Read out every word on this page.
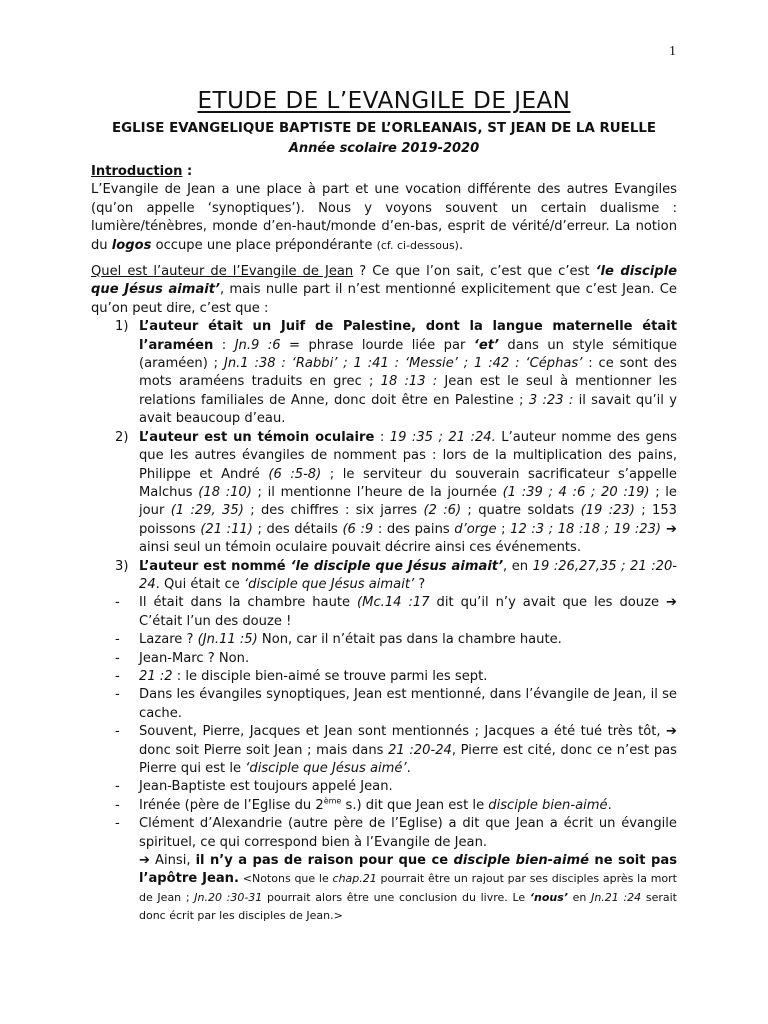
1
ETUDE DE L’EVANGILE DE JEAN
EGLISE EVANGELIQUE BAPTISTE DE L’ORLEANAIS, ST JEAN DE LA RUELLE
Année scolaire 2019-2020

Introduction :

L’Evangile de Jean a une place à part et une vocation différente des autres Evangiles (qu’on appelle ‘synoptiques’). Nous y voyons souvent un certain dualisme : lumière/ténèbres, monde d’en-haut/monde d’en-bas, esprit de vérité/d’erreur. La notion du logos occupe une place prépondérante (cf. ci-dessous).

Quel est l’auteur de l’Evangile de Jean ? Ce que l’on sait, c’est que c’est ‘le disciple que Jésus aimait’, mais nulle part il n’est mentionné explicitement que c’est Jean. Ce qu’on peut dire, c’est que :

1) L’auteur était un Juif de Palestine, dont la langue maternelle était l’araméen : Jn.9 :6 = phrase lourde liée par ‘et’ dans un style sémitique (araméen) ; Jn.1 :38 : ‘Rabbi’ ; 1 :41 : ‘Messie’ ; 1 :42 : ‘Céphas’ : ce sont des mots araméens traduits en grec ; 18 :13 : Jean est le seul à mentionner les relations familiales de Anne, donc doit être en Palestine ; 3 :23 : il savait qu’il y avait beaucoup d’eau.
2) L’auteur est un témoin oculaire : 19 :35 ; 21 :24. L’auteur nomme des gens que les autres évangiles de nomment pas : lors de la multiplication des pains, Philippe et André (6 :5-8) ; le serviteur du souverain sacrificateur s’appelle Malchus (18 :10) ; il mentionne l’heure de la journée (1 :39 ; 4 :6 ; 20 :19) ; le jour (1 :29, 35) ; des chiffres : six jarres (2 :6) ; quatre soldats (19 :23) ; 153 poissons (21 :11) ; des détails (6 :9 : des pains d’orge ; 12 :3 ; 18 :18 ; 19 :23) ➔ ainsi seul un témoin oculaire pouvait décrire ainsi ces événements.
3) L’auteur est nommé ‘le disciple que Jésus aimait’, en 19 :26,27,35 ; 21 :20-24. Qui était ce ‘disciple que Jésus aimait’ ?
- Il était dans la chambre haute (Mc.14 :17 dit qu’il n’y avait que les douze ➔ C’était l’un des douze !
- Lazare ? (Jn.11 :5) Non, car il n’était pas dans la chambre haute.
- Jean-Marc ? Non.
- 21 :2 : le disciple bien-aimé se trouve parmi les sept.
- Dans les évangiles synoptiques, Jean est mentionné, dans l’évangile de Jean, il se cache.
- Souvent, Pierre, Jacques et Jean sont mentionnés ; Jacques a été tué très tôt, ➔ donc soit Pierre soit Jean ; mais dans 21 :20-24, Pierre est cité, donc ce n’est pas Pierre qui est le ‘disciple que Jésus aimé’.
- Jean-Baptiste est toujours appelé Jean.
- Irénée (père de l’Eglise du 2ème s.) dit que Jean est le disciple bien-aimé.
- Clément d’Alexandrie (autre père de l’Eglise) a dit que Jean a écrit un évangile spirituel, ce qui correspond bien à l’Evangile de Jean.

➔ Ainsi, il n’y a pas de raison pour que ce disciple bien-aimé ne soit pas l’apôtre Jean. <Notons que le chap.21 pourrait être un rajout par ses disciples après la mort de Jean ; Jn.20 :30-31 pourrait alors être une conclusion du livre. Le ‘nous’ en Jn.21 :24 serait donc écrit par les disciples de Jean.>
